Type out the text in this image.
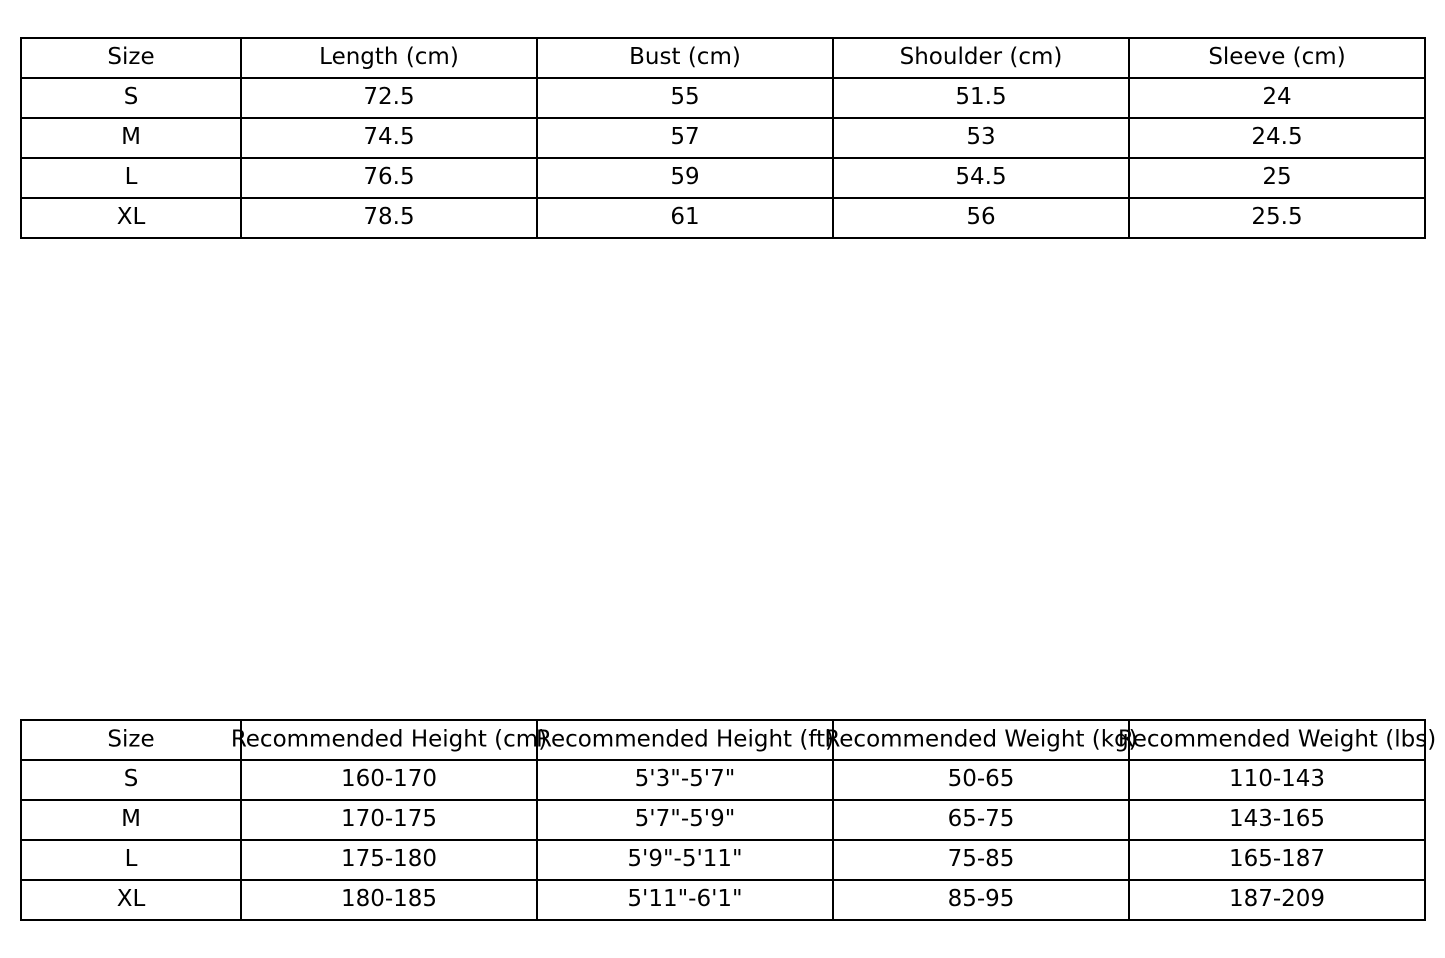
Size	Length (cm)	Bust (cm)	Shoulder (cm)	Sleeve (cm)
S	72.5	55	51.5	24
M	74.5	57	53	24.5
L	76.5	59	54.5	25
XL	78.5	61	56	25.5
Size	Recommended Height (cm)	Recommended Height (ft)	Recommended Weight (kg)	Recommended Weight (lbs)

S	160-170	5'3"-5'7"	50-65	110-143
M	170-175	5'7"-5'9"	65-75	143-165
L	175-180	5'9"-5'11"	75-85	165-187
XL	180-185	5'11"-6'1"	85-95	187-209
